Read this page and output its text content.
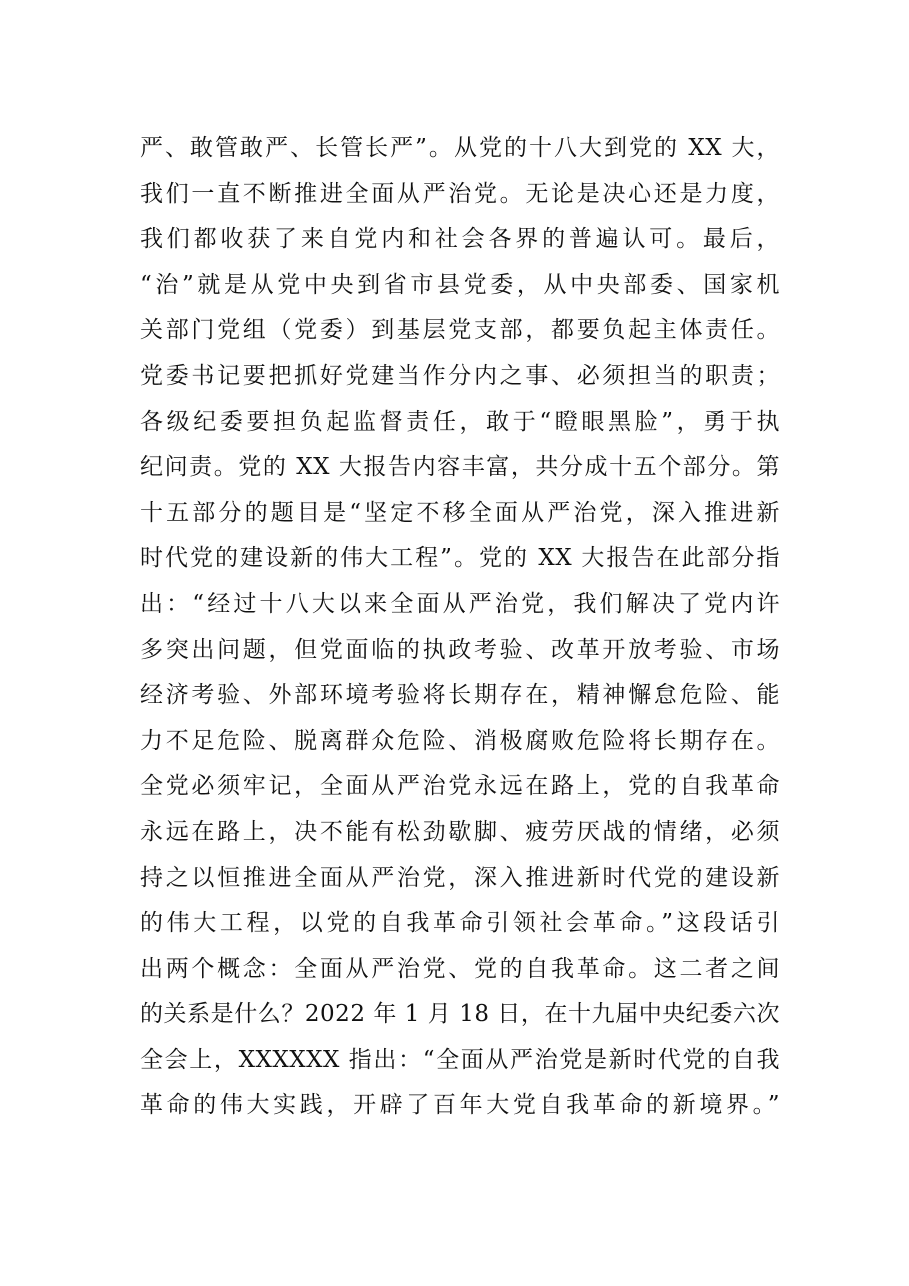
严、敢管敢严、长管长严”。从党的十八大到党的 XX 大，
我们一直不断推进全面从严治党。无论是决心还是力度，
我们都收获了来自党内和社会各界的普遍认可。最后，
“治”就是从党中央到省市县党委，从中央部委、国家机
关部门党组（党委）到基层党支部，都要负起主体责任。
党委书记要把抓好党建当作分内之事、必须担当的职责；
各级纪委要担负起监督责任，敢于“瞪眼黑脸”，勇于执
纪问责。党的 XX 大报告内容丰富，共分成十五个部分。第
十五部分的题目是“坚定不移全面从严治党，深入推进新
时代党的建设新的伟大工程”。党的 XX 大报告在此部分指
出：“经过十八大以来全面从严治党，我们解决了党内许
多突出问题，但党面临的执政考验、改革开放考验、市场
经济考验、外部环境考验将长期存在，精神懈怠危险、能
力不足危险、脱离群众危险、消极腐败危险将长期存在。
全党必须牢记，全面从严治党永远在路上，党的自我革命
永远在路上，决不能有松劲歇脚、疲劳厌战的情绪，必须
持之以恒推进全面从严治党，深入推进新时代党的建设新
的伟大工程，以党的自我革命引领社会革命。”这段话引
出两个概念：全面从严治党、党的自我革命。这二者之间
的关系是什么？2022 年 1 月 18 日，在十九届中央纪委六次
全会上，XXXXXX 指出：“全面从严治党是新时代党的自我
革命的伟大实践，开辟了百年大党自我革命的新境界。”
